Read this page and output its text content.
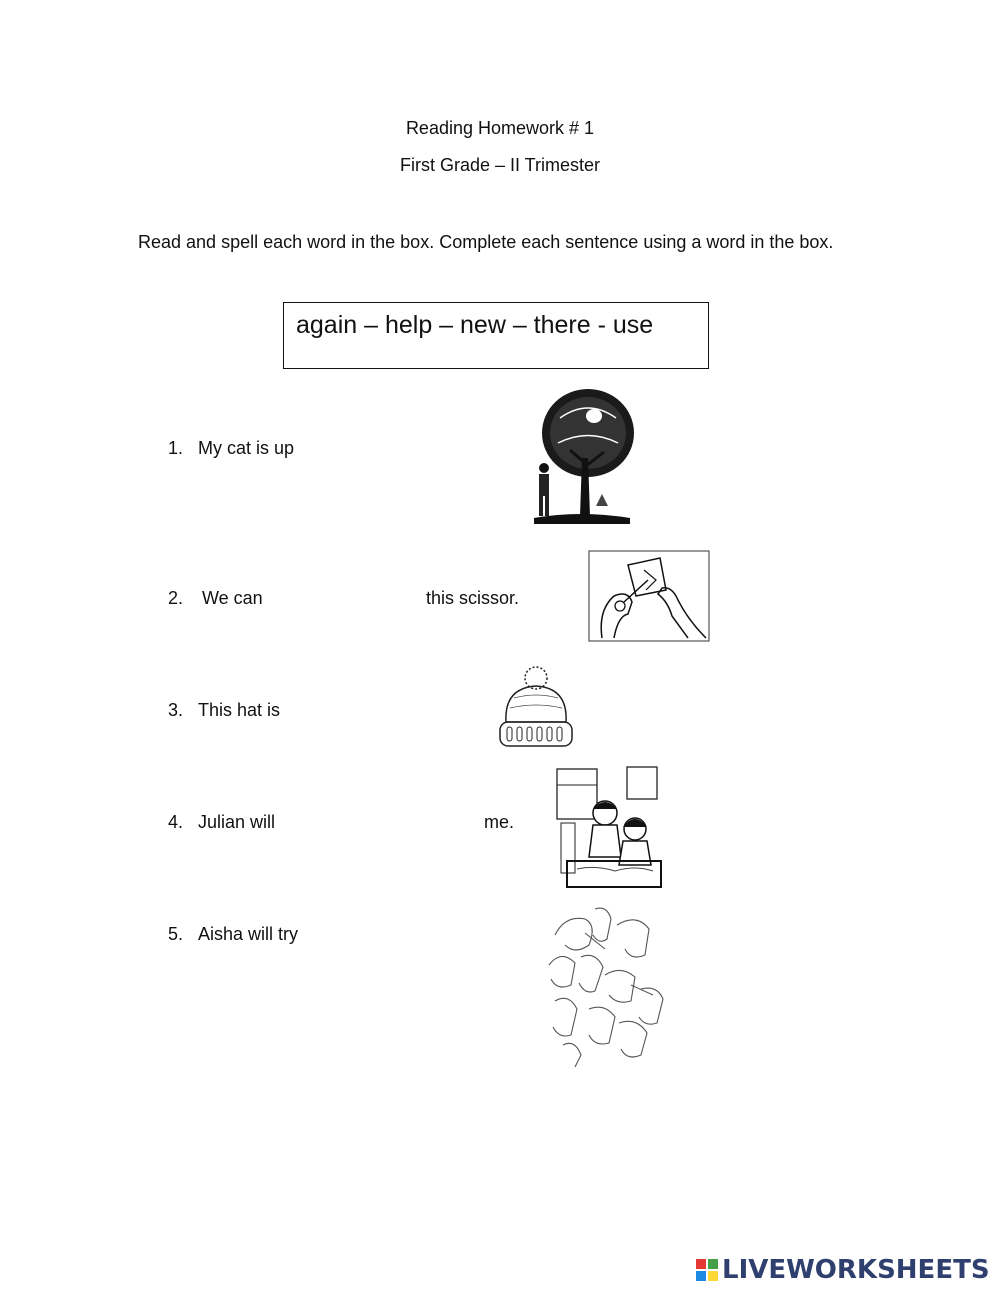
Reading Homework # 1
First Grade – II Trimester
Read and spell each word in the box. Complete each sentence using a word in the box.
again – help – new – there - use
1. My cat is up
2. We can	this scissor.
3. This hat is
4. Julian will	me.
5. Aisha will try
LIVEWORKSHEETS
